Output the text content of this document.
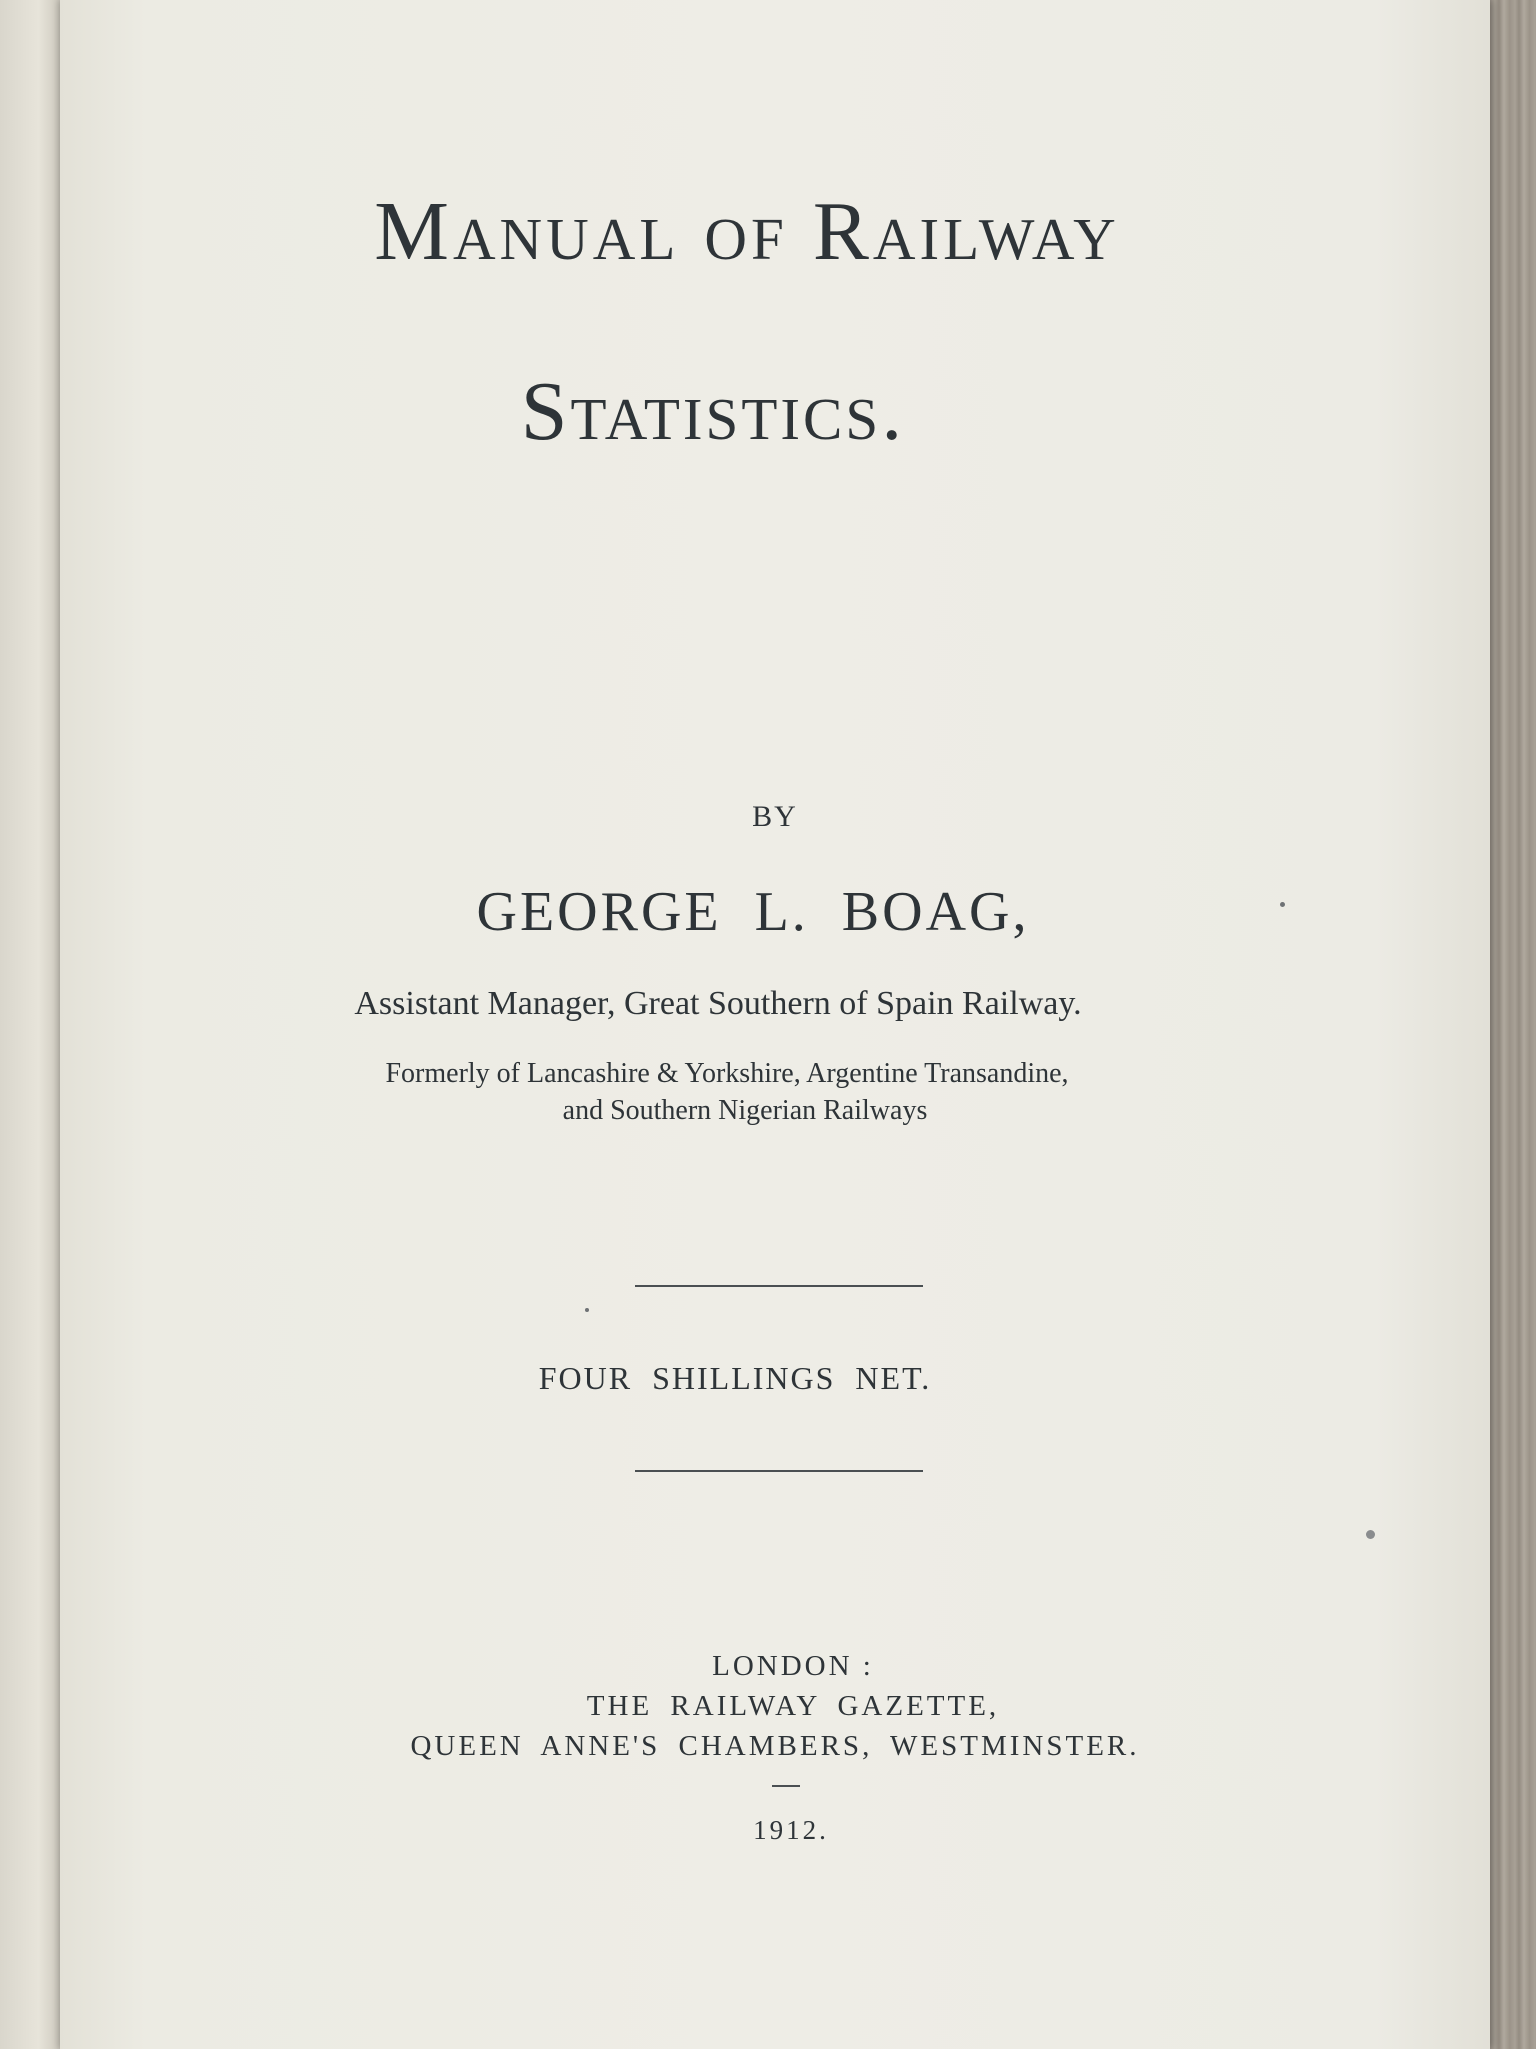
Manual of Railway
Statistics.
BY
GEORGE L. BOAG,
Assistant Manager, Great Southern of Spain Railway.
Formerly of Lancashire & Yorkshire, Argentine Transandine,
and Southern Nigerian Railways
FOUR SHILLINGS NET.
LONDON :
THE RAILWAY GAZETTE,
QUEEN ANNE'S CHAMBERS, WESTMINSTER.
1912.
